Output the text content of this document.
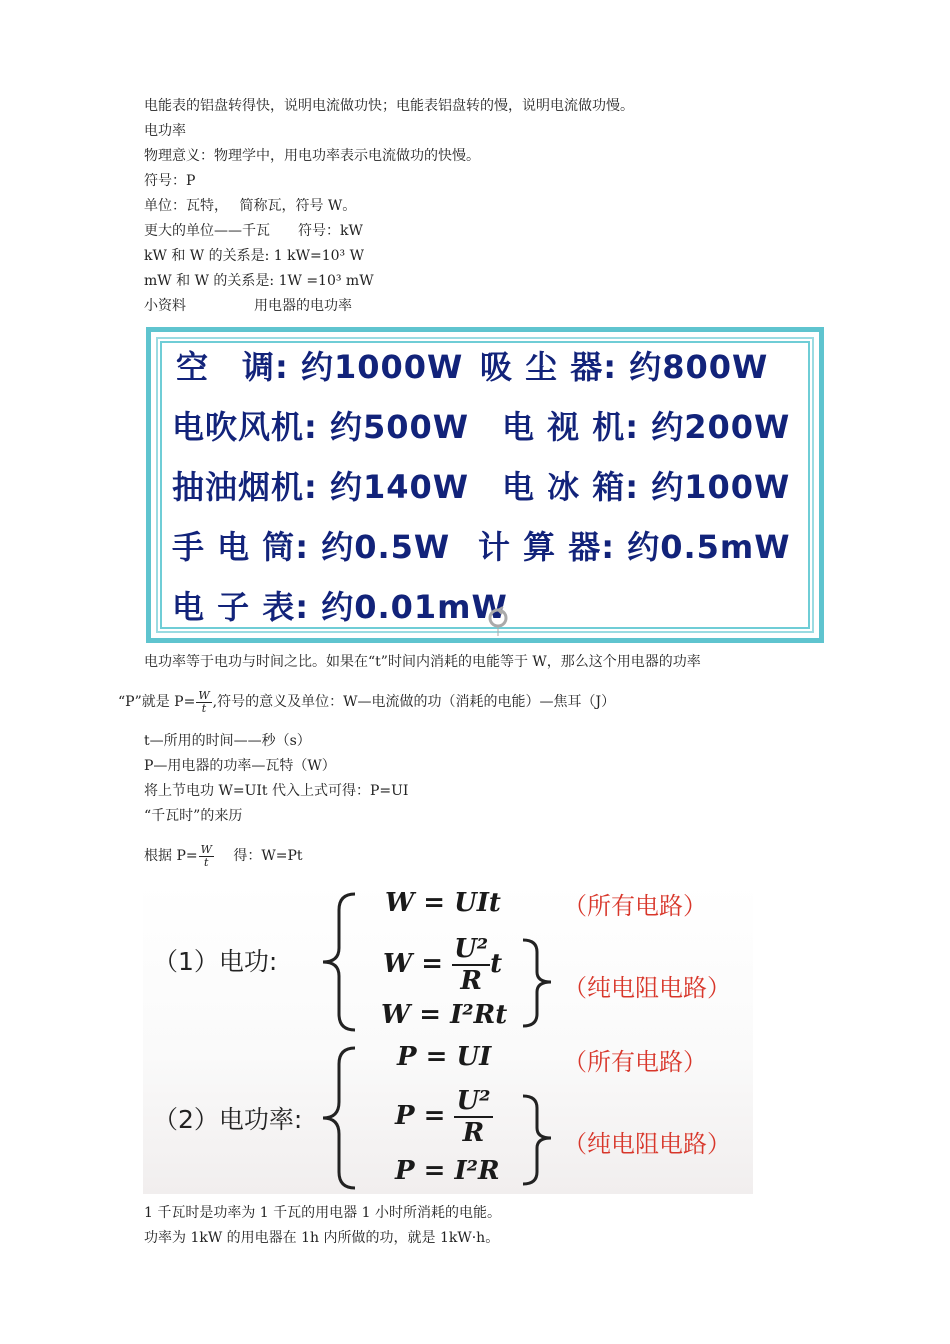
电能表的铝盘转得快，说明电流做功快；电能表铝盘转的慢，说明电流做功慢。
电功率
物理意义：物理学中，用电功率表示电流做功的快慢。
符号：P
单位：瓦特，　 简称瓦，符号 W。
更大的单位——千瓦　　符号：kW
kW 和 W 的关系是: 1 kW=10³ W
mW 和 W 的关系是: 1W =10³ mW
小资料	用电器的电功率
空　调: 约1000W 吸 尘 器: 约800W
电吹风机: 约500W 电 视 机: 约200W
抽油烟机: 约140W 电 冰 箱: 约100W
手 电 筒: 约0.5W 计 算 器: 约0.5mW
电 子 表: 约0.01mW
电功率等于电功与时间之比。如果在“t”时间内消耗的电能等于 W，那么这个用电器的功率
“P”就是 $P= \frac{W}{t}$ ,符号的意义及单位：W—电流做的功（消耗的电能）—焦耳（J）
t—所用的时间——秒（s）
P—用电器的功率—瓦特（W）
将上节电功 W=UIt 代入上式可得：P=UI
“千瓦时”的来历
根据 $P= \frac{W}{t}$ 　 得：W=Pt
（1）电功:
（2）电功率:
W = UIt
$W = \frac{\text{U²}}{R}$ t
W = I²Rt
P = UI
$P = \frac{\text{U²}}{R}$
P = I²R
（所有电路）
（纯电阻电路）
（所有电路）
（纯电阻电路）
1 千瓦时是功率为 1 千瓦的用电器 1 小时所消耗的电能。
功率为 1kW 的用电器在 1h 内所做的功，就是 1kW·h。
